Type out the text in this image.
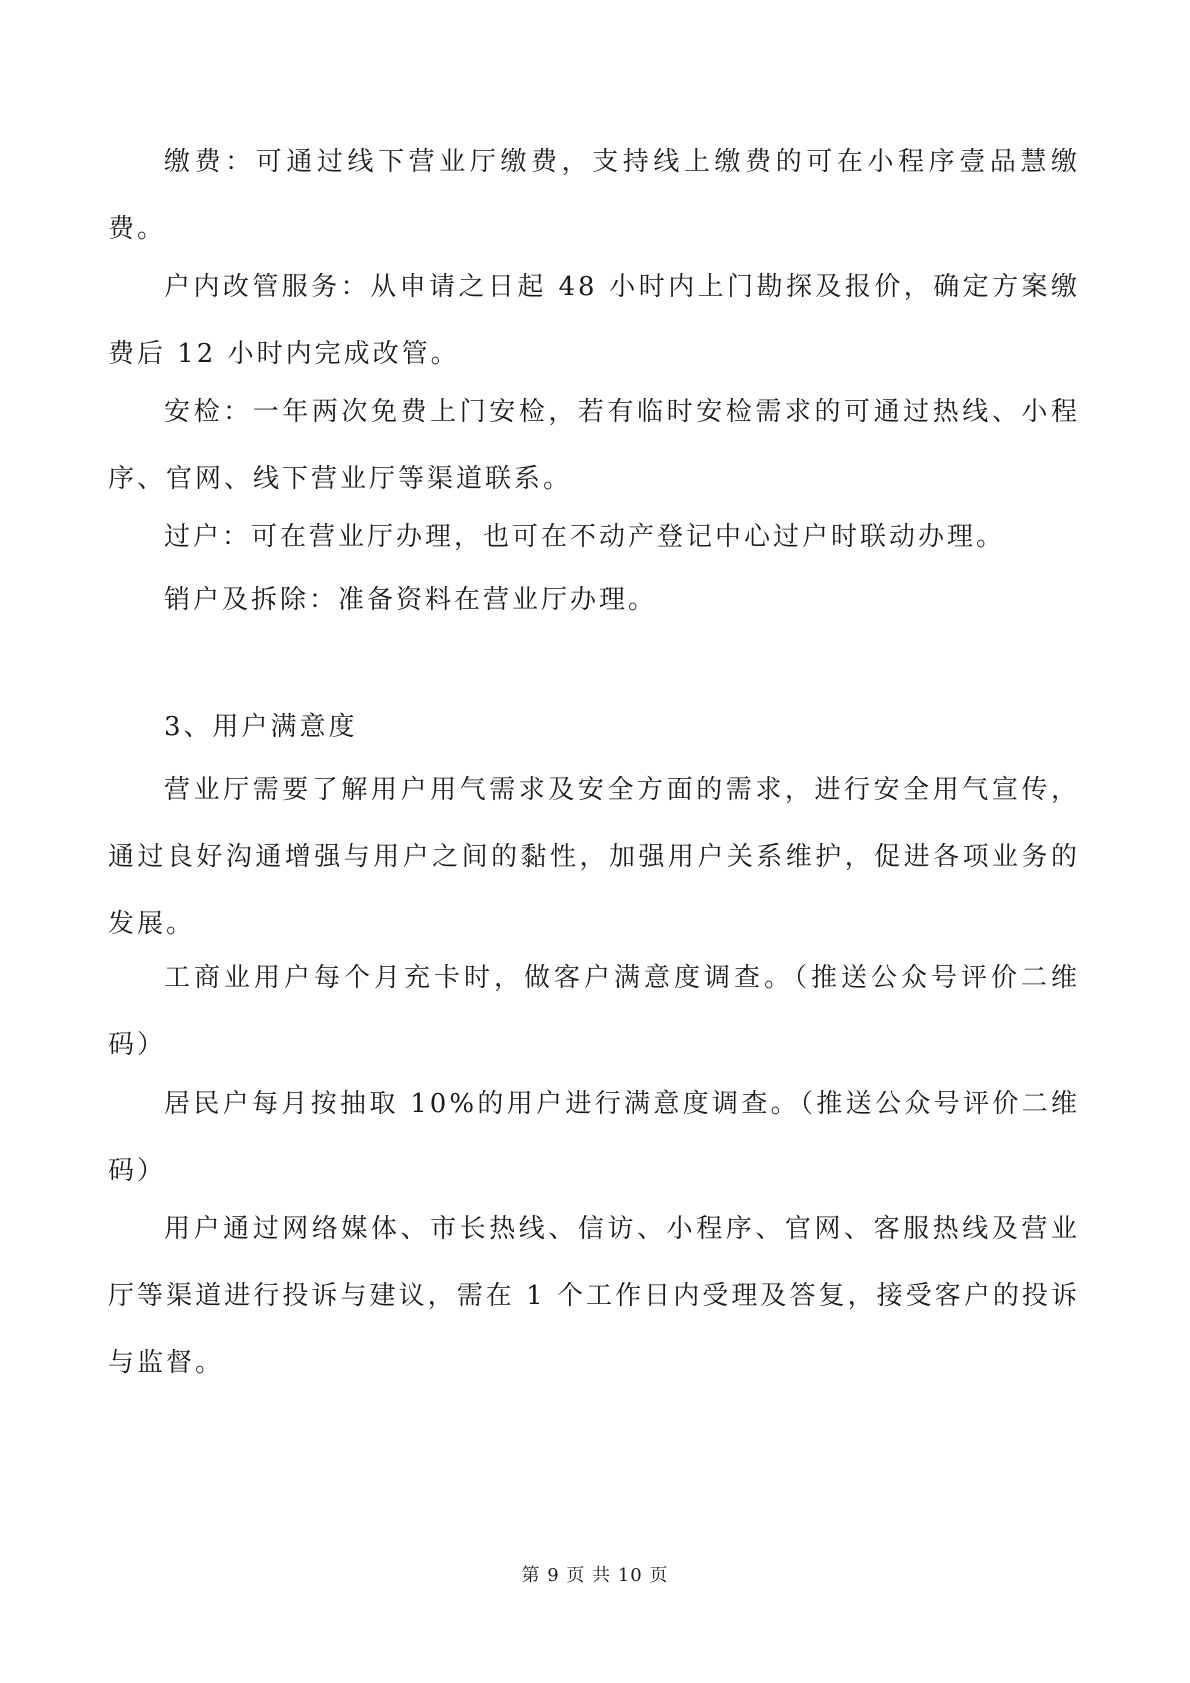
缴费：可通过线下营业厅缴费，支持线上缴费的可在小程序壹品慧缴费。

户内改管服务：从申请之日起 48 小时内上门勘探及报价，确定方案缴费后 12 小时内完成改管。

安检：一年两次免费上门安检，若有临时安检需求的可通过热线、小程序、官网、线下营业厅等渠道联系。

过户：可在营业厅办理，也可在不动产登记中心过户时联动办理。

销户及拆除：准备资料在营业厅办理。

3、用户满意度

营业厅需要了解用户用气需求及安全方面的需求，进行安全用气宣传，通过良好沟通增强与用户之间的黏性，加强用户关系维护，促进各项业务的发展。

工商业用户每个月充卡时，做客户满意度调查。（推送公众号评价二维码）

居民户每月按抽取 10%的用户进行满意度调查。（推送公众号评价二维码）

用户通过网络媒体、市长热线、信访、小程序、官网、客服热线及营业厅等渠道进行投诉与建议，需在 1 个工作日内受理及答复，接受客户的投诉与监督。

第 9 页 共 10 页
